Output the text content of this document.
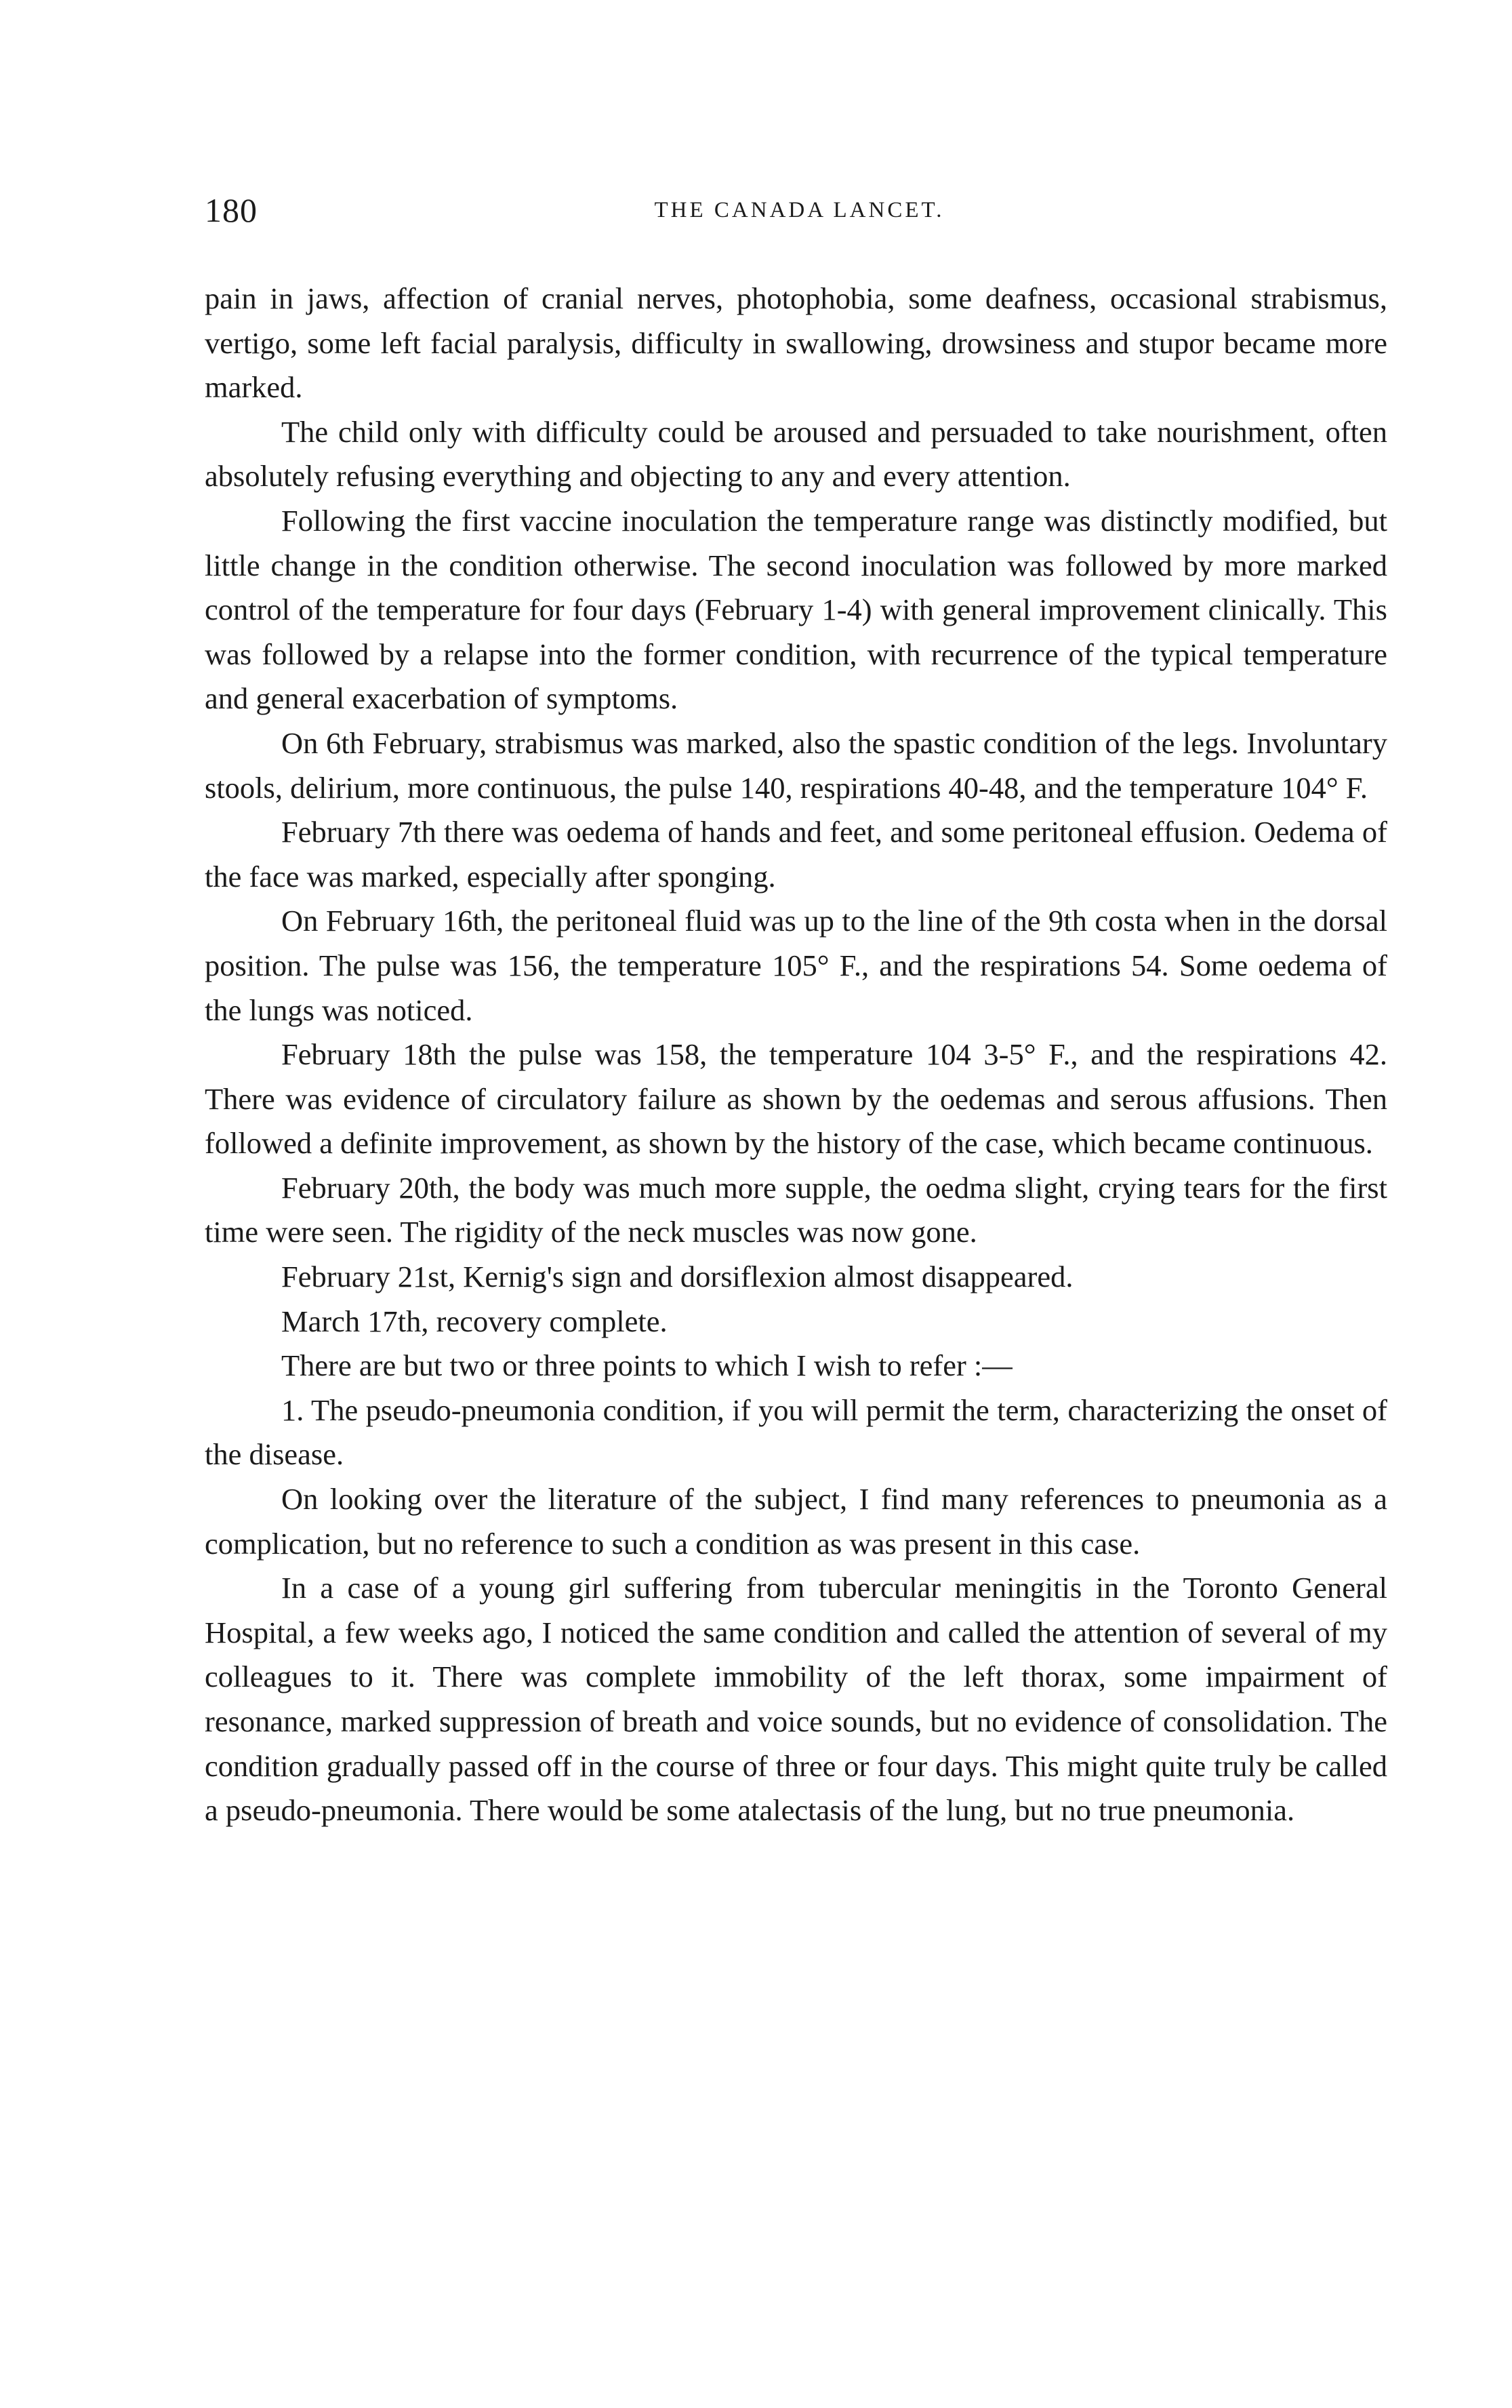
180	THE CANADA LANCET.

pain in jaws, affection of cranial nerves, photophobia, some deafness, occasional strabismus, vertigo, some left facial paralysis, difficulty in swallowing, drowsiness and stupor became more marked.

The child only with difficulty could be aroused and persuaded to take nourishment, often absolutely refusing everything and objecting to any and every attention.

Following the first vaccine inoculation the temperature range was distinctly modified, but little change in the condition otherwise. The second inoculation was followed by more marked control of the temperature for four days (February 1-4) with general improvement clinically. This was followed by a relapse into the former condition, with recurrence of the typical temperature and general exacerbation of symptoms.

On 6th February, strabismus was marked, also the spastic condition of the legs. Involuntary stools, delirium, more continuous, the pulse 140, respirations 40-48, and the temperature 104° F.

February 7th there was oedema of hands and feet, and some peritoneal effusion. Oedema of the face was marked, especially after sponging.

On February 16th, the peritoneal fluid was up to the line of the 9th costa when in the dorsal position. The pulse was 156, the temperature 105° F., and the respirations 54. Some oedema of the lungs was noticed.

February 18th the pulse was 158, the temperature 104 3-5° F., and the respirations 42. There was evidence of circulatory failure as shown by the oedemas and serous affusions. Then followed a definite improvement, as shown by the history of the case, which became continuous.

February 20th, the body was much more supple, the oedma slight, crying tears for the first time were seen. The rigidity of the neck muscles was now gone.

February 21st, Kernig's sign and dorsiflexion almost disappeared.

March 17th, recovery complete.

There are but two or three points to which I wish to refer :—

1. The pseudo-pneumonia condition, if you will permit the term, characterizing the onset of the disease.

On looking over the literature of the subject, I find many references to pneumonia as a complication, but no reference to such a condition as was present in this case.

In a case of a young girl suffering from tubercular meningitis in the Toronto General Hospital, a few weeks ago, I noticed the same condition and called the attention of several of my colleagues to it. There was complete immobility of the left thorax, some impairment of resonance, marked suppression of breath and voice sounds, but no evidence of consolidation. The condition gradually passed off in the course of three or four days. This might quite truly be called a pseudo-pneumonia. There would be some atalectasis of the lung, but no true pneumonia.
